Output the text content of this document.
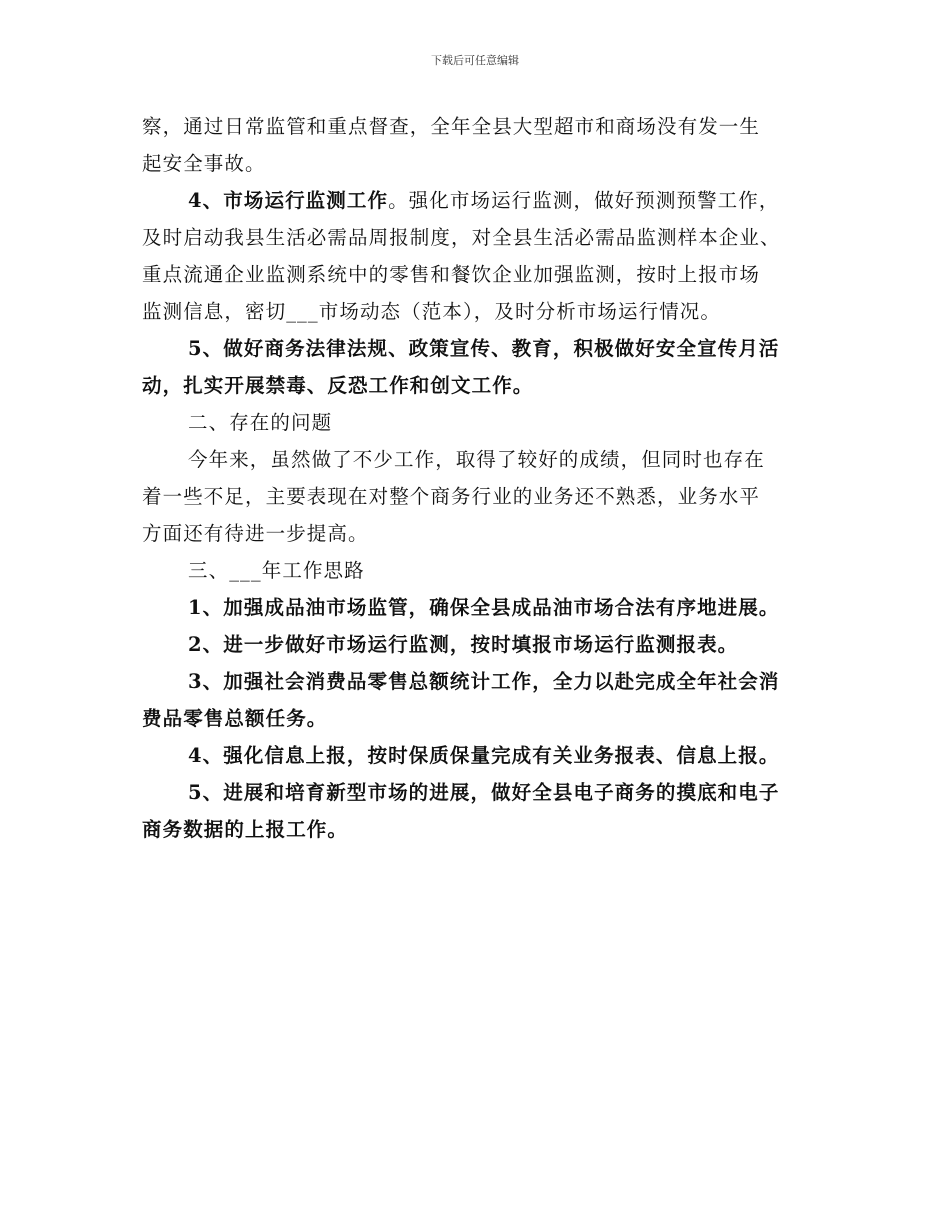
下载后可任意编辑
察，通过日常监管和重点督查，全年全县大型超市和商场没有发一生
起安全事故。
4、市场运行监测工作。强化市场运行监测，做好预测预警工作，
及时启动我县生活必需品周报制度，对全县生活必需品监测样本企业、
重点流通企业监测系统中的零售和餐饮企业加强监测，按时上报市场
监测信息，密切___市场动态（范本），及时分析市场运行情况。
5、做好商务法律法规、政策宣传、教育，积极做好安全宣传月活
动，扎实开展禁毒、反恐工作和创文工作。
二、存在的问题
今年来，虽然做了不少工作，取得了较好的成绩，但同时也存在
着一些不足，主要表现在对整个商务行业的业务还不熟悉，业务水平
方面还有待进一步提高。
三、___年工作思路
1、加强成品油市场监管，确保全县成品油市场合法有序地进展。
2、进一步做好市场运行监测，按时填报市场运行监测报表。
3、加强社会消费品零售总额统计工作，全力以赴完成全年社会消
费品零售总额任务。
4、强化信息上报，按时保质保量完成有关业务报表、信息上报。
5、进展和培育新型市场的进展，做好全县电子商务的摸底和电子
商务数据的上报工作。
